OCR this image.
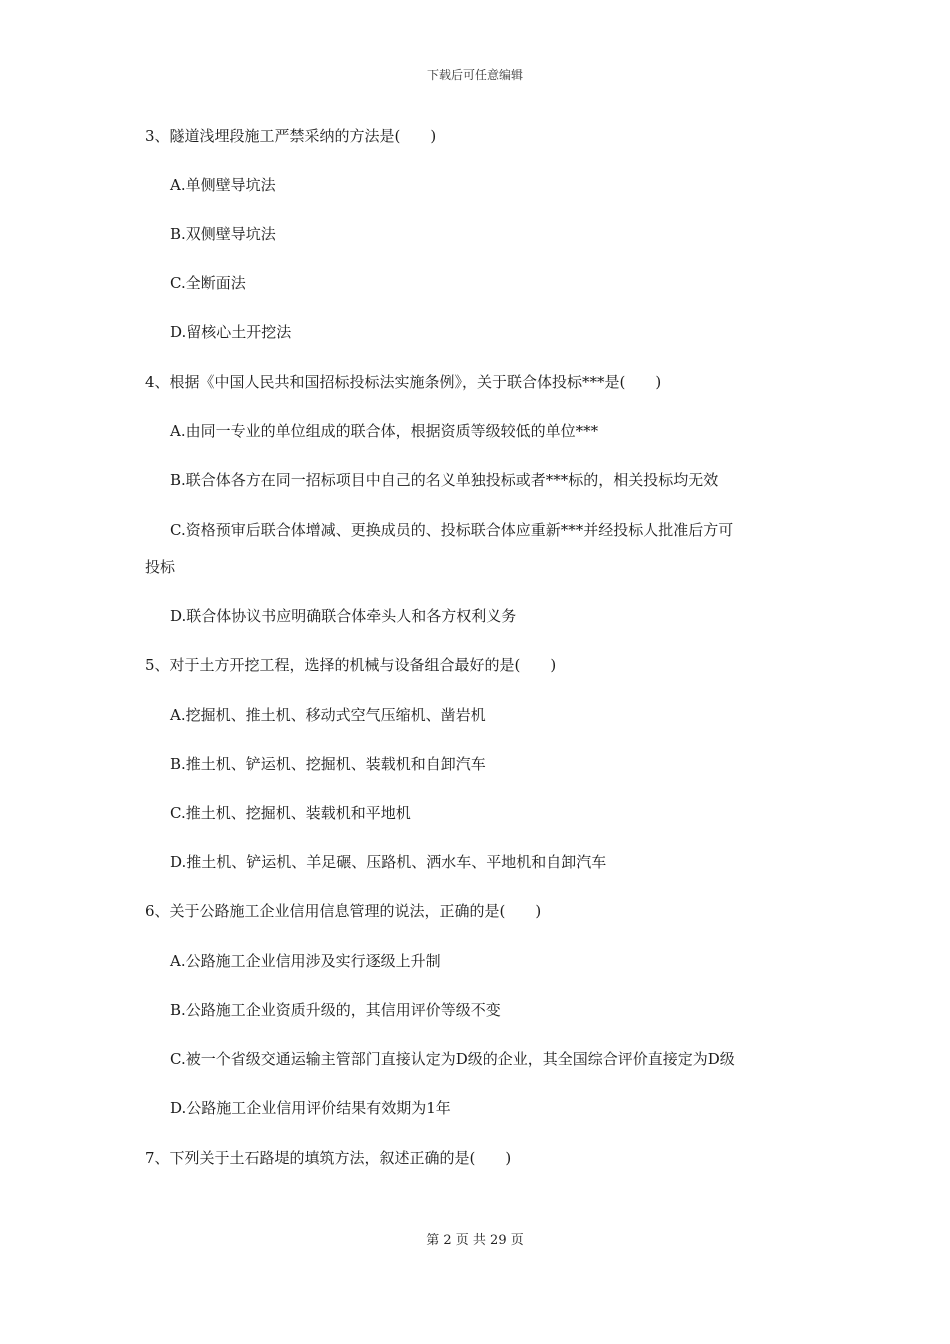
下载后可任意编辑
3、隧道浅埋段施工严禁采纳的方法是(　　)
A.单侧壁导坑法
B.双侧壁导坑法
C.全断面法
D.留核心土开挖法
4、根据《中国人民共和国招标投标法实施条例》，关于联合体投标***是(　　)
A.由同一专业的单位组成的联合体，根据资质等级较低的单位***
B.联合体各方在同一招标项目中自己的名义单独投标或者***标的，相关投标均无效
C.资格预审后联合体增减、更换成员的、投标联合体应重新***并经投标人批准后方可
投标
D.联合体协议书应明确联合体牵头人和各方权利义务
5、对于土方开挖工程，选择的机械与设备组合最好的是(　　)
A.挖掘机、推土机、移动式空气压缩机、凿岩机
B.推土机、铲运机、挖掘机、装载机和自卸汽车
C.推土机、挖掘机、装载机和平地机
D.推土机、铲运机、羊足碾、压路机、洒水车、平地机和自卸汽车
6、关于公路施工企业信用信息管理的说法，正确的是(　　)
A.公路施工企业信用涉及实行逐级上升制
B.公路施工企业资质升级的，其信用评价等级不变
C.被一个省级交通运输主管部门直接认定为D级的企业，其全国综合评价直接定为D级
D.公路施工企业信用评价结果有效期为1年
7、下列关于土石路堤的填筑方法，叙述正确的是(　　)
第 2 页 共 29 页
